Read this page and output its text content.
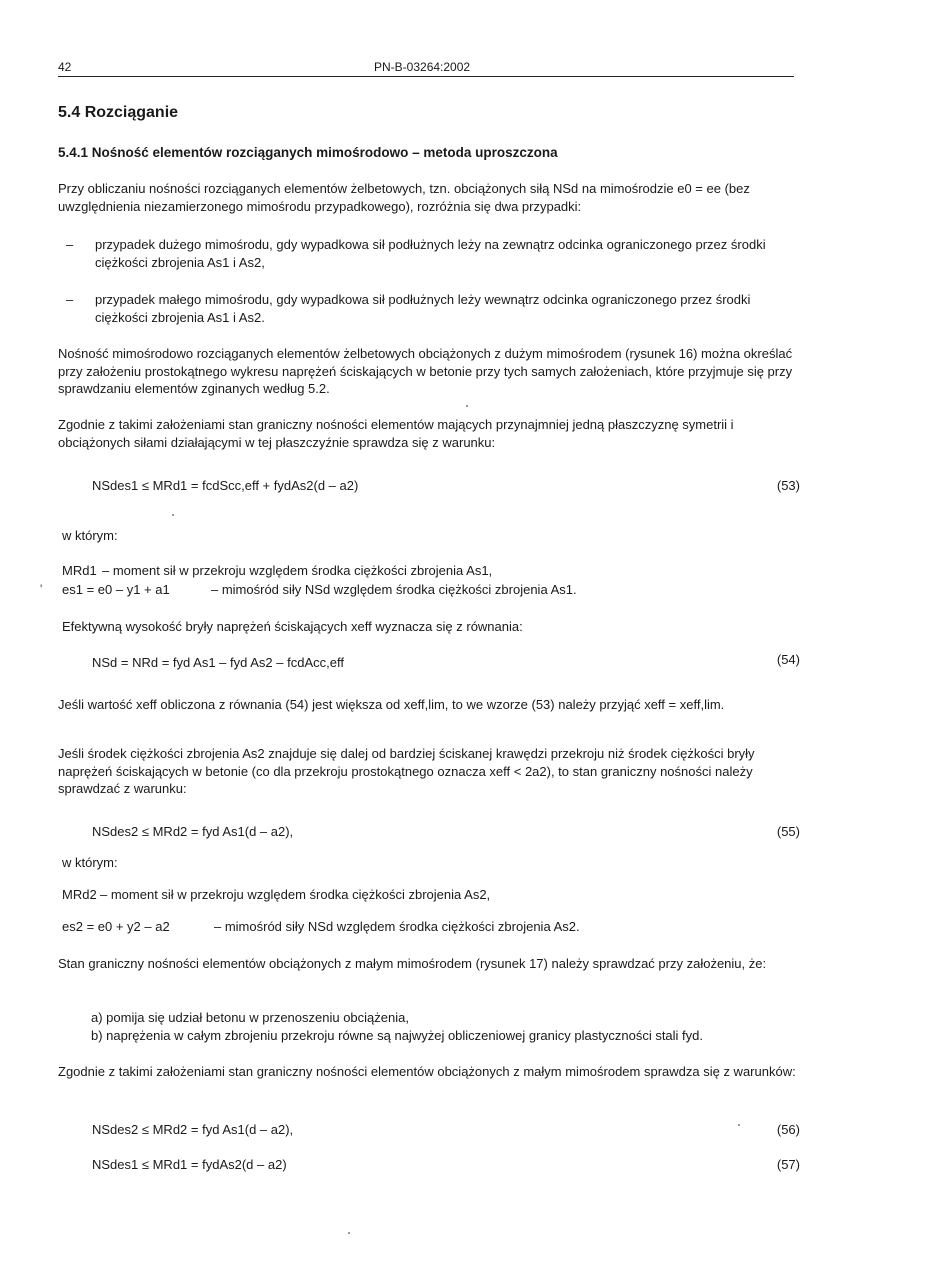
42	PN-B-03264:2002
5.4 Rozciąganie
5.4.1 Nośność elementów rozciąganych mimośrodowo – metoda uproszczona

Przy obliczaniu nośności rozciąganych elementów żelbetowych, tzn. obciążonych siłą NSd na mimośrodzie e0 = ee (bez uwzględnienia niezamierzonego mimośrodu przypadkowego), rozróżnia się dwa przypadki:

– przypadek dużego mimośrodu, gdy wypadkowa sił podłużnych leży na zewnątrz odcinka ograniczonego przez środki ciężkości zbrojenia As1 i As2,
– przypadek małego mimośrodu, gdy wypadkowa sił podłużnych leży wewnątrz odcinka ograniczonego przez środki ciężkości zbrojenia As1 i As2.

Nośność mimośrodowo rozciąganych elementów żelbetowych obciążonych z dużym mimośrodem (rysunek 16) można określać przy założeniu prostokątnego wykresu naprężeń ściskających w betonie przy tych samych założeniach, które przyjmuje się przy sprawdzaniu elementów zginanych według 5.2.

Zgodnie z takimi założeniami stan graniczny nośności elementów mających przynajmniej jedną płaszczyznę symetrii i obciążonych siłami działającymi w tej płaszczyźnie sprawdza się z warunku:

NSdes1 ≤ MRd1 = fcdScc,eff + fydAs2(d – a2)	(53)
w którym:
MRd1 – moment sił w przekroju względem środka ciężkości zbrojenia As1,
' es1 = e0 – y1 + a1	– mimośród siły NSd względem środka ciężkości zbrojenia As1.
Efektywną wysokość bryły naprężeń ściskających xeff wyznacza się z równania:
NSd = NRd = fyd As1 – fyd As2 – fcdAcc,eff	(54)

Jeśli wartość xeff obliczona z równania (54) jest większa od xeff,lim, to we wzorze (53) należy przyjąć xeff = xeff,lim.

Jeśli środek ciężkości zbrojenia As2 znajduje się dalej od bardziej ściskanej krawędzi przekroju niż środek ciężkości bryły naprężeń ściskających w betonie (co dla przekroju prostokątnego oznacza xeff < 2a2), to stan graniczny nośności należy sprawdzać z warunku:

NSdes2 ≤ MRd2 = fyd As1(d – a2),	(55)
w którym:
MRd2 – moment sił w przekroju względem środka ciężkości zbrojenia As2,
es2 = e0 + y2 – a2	– mimośród siły NSd względem środka ciężkości zbrojenia As2.

Stan graniczny nośności elementów obciążonych z małym mimośrodem (rysunek 17) należy sprawdzać przy założeniu, że:

a) pomija się udział betonu w przenoszeniu obciążenia,
b) naprężenia w całym zbrojeniu przekroju równe są najwyżej obliczeniowej granicy plastyczności stali fyd.

Zgodnie z takimi założeniami stan graniczny nośności elementów obciążonych z małym mimośrodem sprawdza się z warunków:

NSdes2 ≤ MRd2 = fyd As1(d – a2),	(56)
NSdes1 ≤ MRd1 = fydAs2(d – a2)	(57)
